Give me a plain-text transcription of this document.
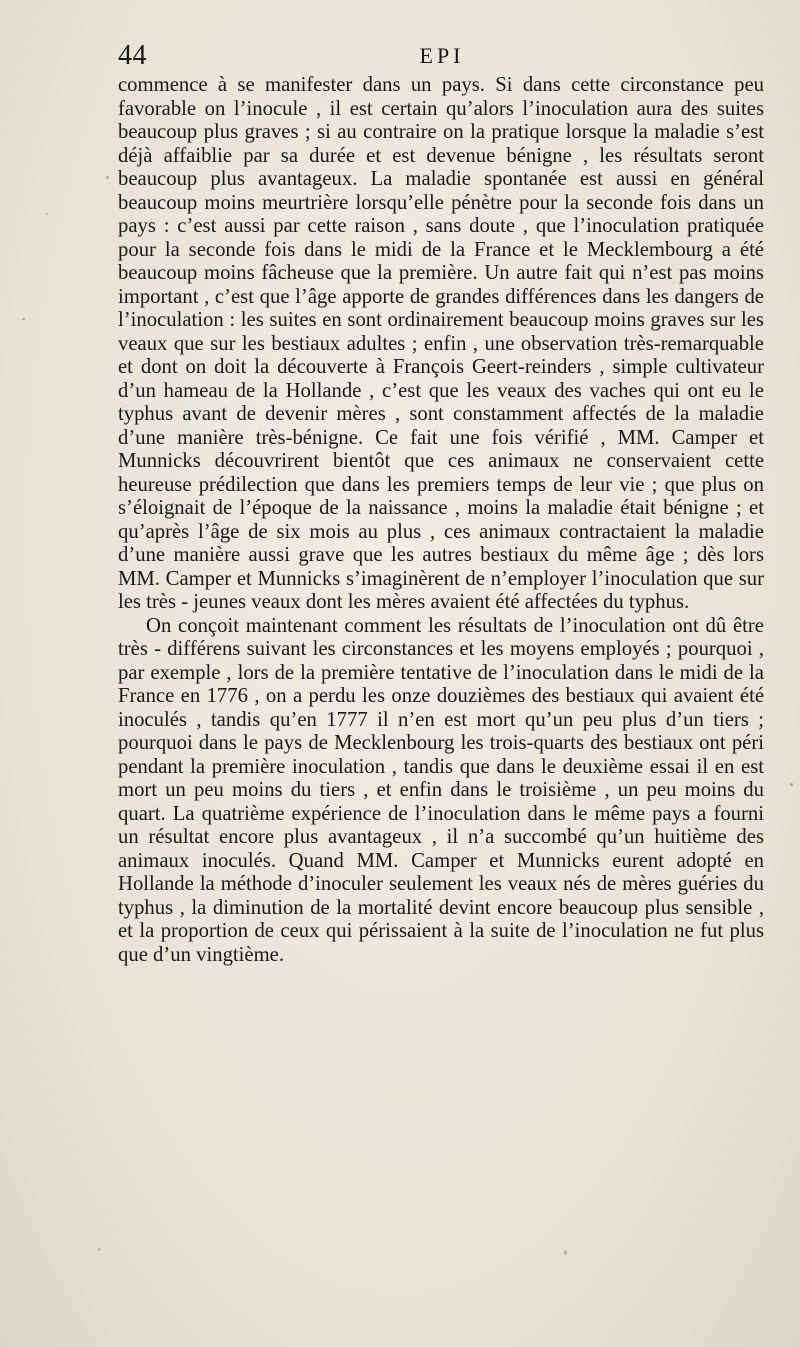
44	EPI

commence à se manifester dans un pays. Si dans cette circonstance peu favorable on l’inocule , il est certain qu’alors l’inoculation aura des suites beaucoup plus graves ; si au contraire on la pratique lorsque la maladie s’est déjà affaiblie par sa durée et est devenue bénigne , les résultats seront beaucoup plus avantageux. La maladie spontanée est aussi en général beaucoup moins meurtrière lorsqu’elle pénètre pour la seconde fois dans un pays : c’est aussi par cette raison , sans doute , que l’inoculation pratiquée pour la seconde fois dans le midi de la France et le Mecklembourg a été beaucoup moins fâcheuse que la première. Un autre fait qui n’est pas moins important , c’est que l’âge apporte de grandes différences dans les dangers de l’inoculation : les suites en sont ordinairement beaucoup moins graves sur les veaux que sur les bestiaux adultes ; enfin , une observation très-remarquable et dont on doit la découverte à François Geert-reinders , simple cultivateur d’un hameau de la Hollande , c’est que les veaux des vaches qui ont eu le typhus avant de devenir mères , sont constamment affectés de la maladie d’une manière très-bénigne. Ce fait une fois vérifié , MM. Camper et Munnicks découvrirent bientôt que ces animaux ne conservaient cette heureuse prédilection que dans les premiers temps de leur vie ; que plus on s’éloignait de l’époque de la naissance , moins la maladie était bénigne ; et qu’après l’âge de six mois au plus , ces animaux contractaient la maladie d’une manière aussi grave que les autres bestiaux du même âge ; dès lors MM. Camper et Munnicks s’imaginèrent de n’employer l’inoculation que sur les très - jeunes veaux dont les mères avaient été affectées du typhus.

On conçoit maintenant comment les résultats de l’inoculation ont dû être très - différens suivant les circonstances et les moyens employés ; pourquoi , par exemple , lors de la première tentative de l’inoculation dans le midi de la France en 1776 , on a perdu les onze douzièmes des bestiaux qui avaient été inoculés , tandis qu’en 1777 il n’en est mort qu’un peu plus d’un tiers ; pourquoi dans le pays de Mecklenbourg les trois-quarts des bestiaux ont péri pendant la première inoculation , tandis que dans le deuxième essai il en est mort un peu moins du tiers , et enfin dans le troisième , un peu moins du quart. La quatrième expérience de l’inoculation dans le même pays a fourni un résultat encore plus avantageux , il n’a succombé qu’un huitième des animaux inoculés. Quand MM. Camper et Munnicks eurent adopté en Hollande la méthode d’inoculer seulement les veaux nés de mères guéries du typhus , la diminution de la mortalité devint encore beaucoup plus sensible , et la proportion de ceux qui périssaient à la suite de l’inoculation ne fut plus que d’un vingtième.
